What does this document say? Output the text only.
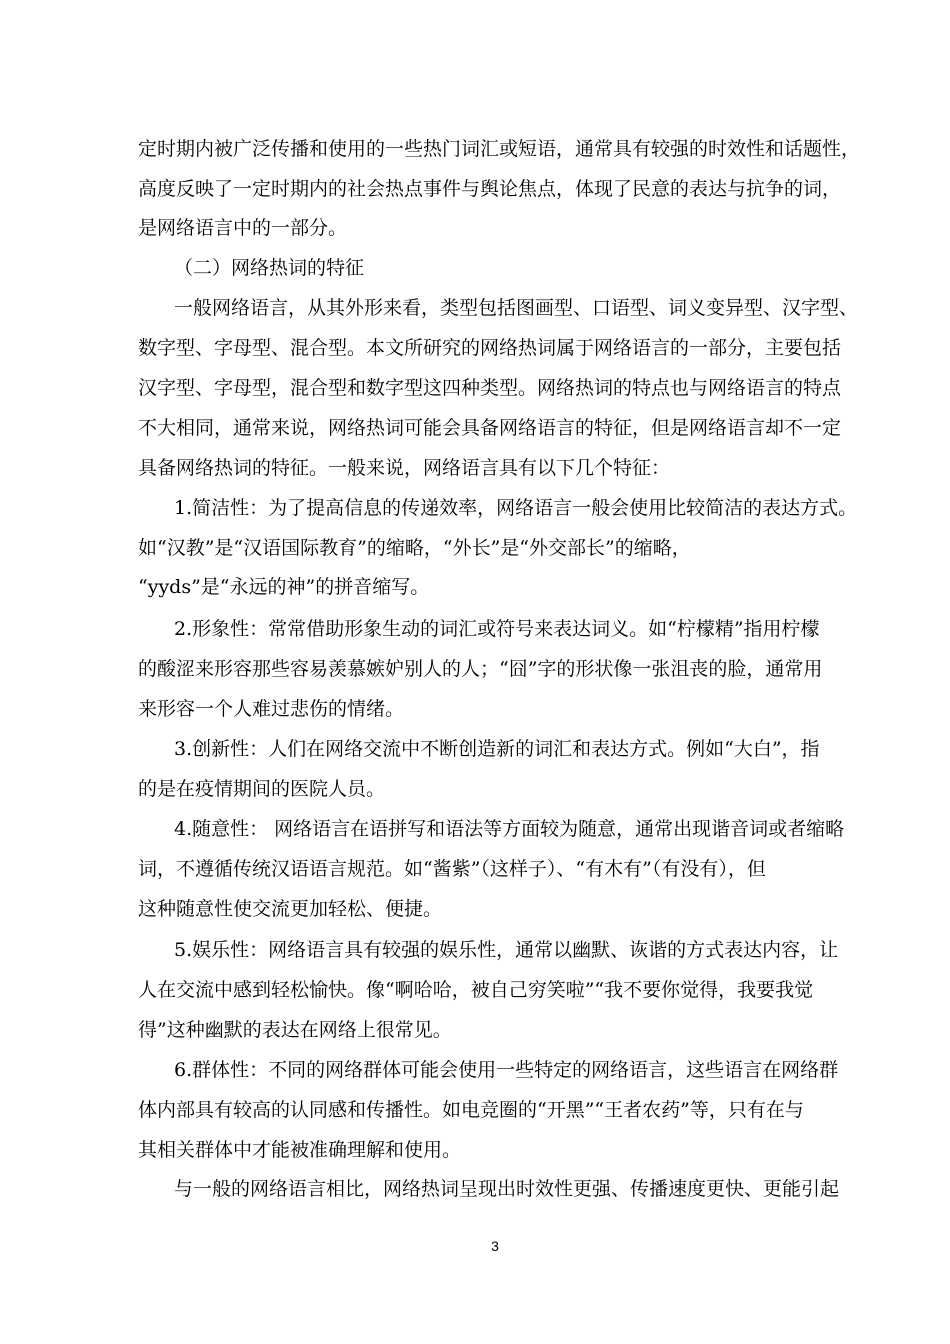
定时期内被广泛传播和使用的一些热门词汇或短语，通常具有较强的时效性和话题性，
高度反映了一定时期内的社会热点事件与舆论焦点，体现了民意的表达与抗争的词，
是网络语言中的一部分。
（二）网络热词的特征
一般网络语言，从其外形来看，类型包括图画型、口语型、词义变异型、汉字型、
数字型、字母型、混合型。本文所研究的网络热词属于网络语言的一部分，主要包括
汉字型、字母型，混合型和数字型这四种类型。网络热词的特点也与网络语言的特点
不大相同，通常来说，网络热词可能会具备网络语言的特征，但是网络语言却不一定
具备网络热词的特征。一般来说，网络语言具有以下几个特征：
1.简洁性：为了提高信息的传递效率，网络语言一般会使用比较简洁的表达方式。
如“汉教”是“汉语国际教育”的缩略，“外长”是“外交部长”的缩略，
“yyds”是“永远的神”的拼音缩写。
2.形象性：常常借助形象生动的词汇或符号来表达词义。如“柠檬精”指用柠檬
的酸涩来形容那些容易羡慕嫉妒别人的人；“囧”字的形状像一张沮丧的脸，通常用
来形容一个人难过悲伤的情绪。
3.创新性：人们在网络交流中不断创造新的词汇和表达方式。例如“大白”，指
的是在疫情期间的医院人员。
4.随意性： 网络语言在语拼写和语法等方面较为随意，通常出现谐音词或者缩略
词，不遵循传统汉语语言规范。如“酱紫”（这样子）、“有木有”（有没有），但
这种随意性使交流更加轻松、便捷。
5.娱乐性：网络语言具有较强的娱乐性，通常以幽默、诙谐的方式表达内容，让
人在交流中感到轻松愉快。像“啊哈哈，被自己穷笑啦”“我不要你觉得，我要我觉
得”这种幽默的表达在网络上很常见。
6.群体性：不同的网络群体可能会使用一些特定的网络语言，这些语言在网络群
体内部具有较高的认同感和传播性。如电竞圈的“开黑”“王者农药”等，只有在与
其相关群体中才能被准确理解和使用。
与一般的网络语言相比，网络热词呈现出时效性更强、传播速度更快、更能引起
3
